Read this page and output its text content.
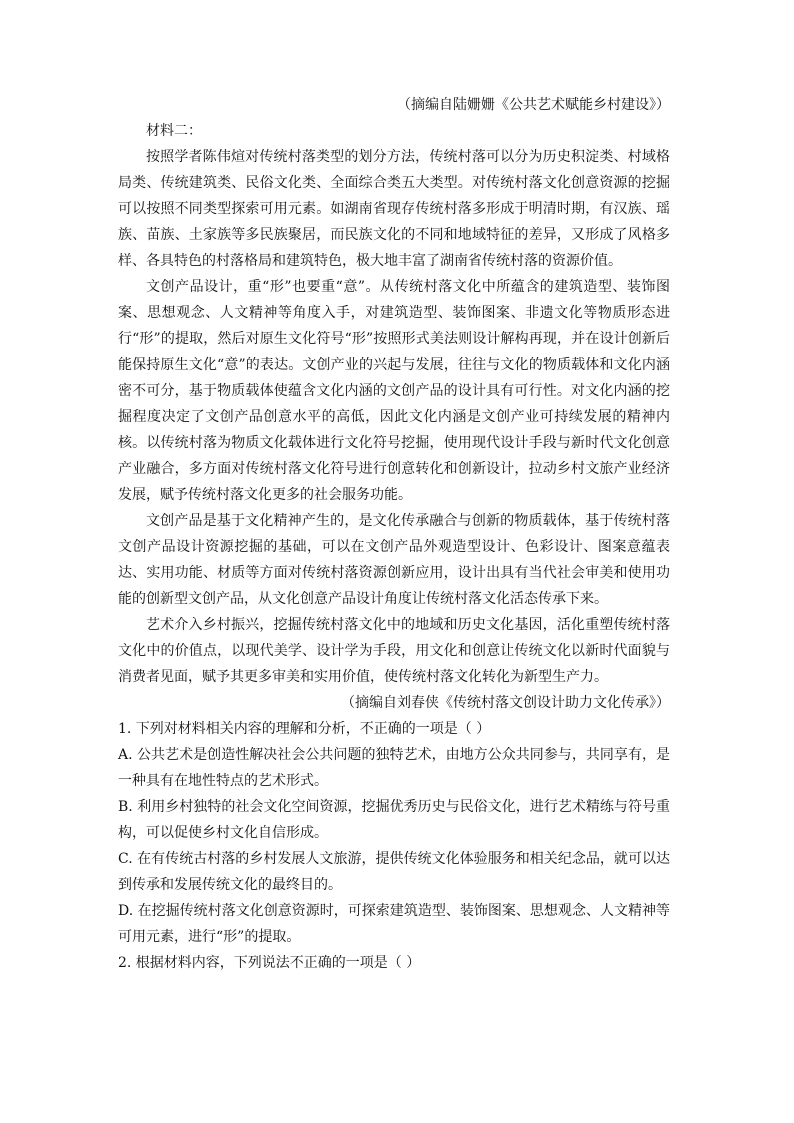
（摘编自陆姗姗《公共艺术赋能乡村建设》）

材料二：

按照学者陈伟煊对传统村落类型的划分方法，传统村落可以分为历史积淀类、村域格局类、传统建筑类、民俗文化类、全面综合类五大类型。对传统村落文化创意资源的挖掘可以按照不同类型探索可用元素。如湖南省现存传统村落多形成于明清时期，有汉族、瑶族、苗族、土家族等多民族聚居，而民族文化的不同和地域特征的差异，又形成了风格多样、各具特色的村落格局和建筑特色，极大地丰富了湖南省传统村落的资源价值。

文创产品设计，重“形”也要重“意”。从传统村落文化中所蕴含的建筑造型、装饰图案、思想观念、人文精神等角度入手，对建筑造型、装饰图案、非遗文化等物质形态进行“形”的提取，然后对原生文化符号“形”按照形式美法则设计解构再现，并在设计创新后能保持原生文化“意”的表达。文创产业的兴起与发展，往往与文化的物质载体和文化内涵密不可分，基于物质载体使蕴含文化内涵的文创产品的设计具有可行性。对文化内涵的挖掘程度决定了文创产品创意水平的高低，因此文化内涵是文创产业可持续发展的精神内核。以传统村落为物质文化载体进行文化符号挖掘，使用现代设计手段与新时代文化创意产业融合，多方面对传统村落文化符号进行创意转化和创新设计，拉动乡村文旅产业经济发展，赋予传统村落文化更多的社会服务功能。

文创产品是基于文化精神产生的，是文化传承融合与创新的物质载体，基于传统村落文创产品设计资源挖掘的基础，可以在文创产品外观造型设计、色彩设计、图案意蕴表达、实用功能、材质等方面对传统村落资源创新应用，设计出具有当代社会审美和使用功能的创新型文创产品，从文化创意产品设计角度让传统村落文化活态传承下来。

艺术介入乡村振兴，挖掘传统村落文化中的地域和历史文化基因，活化重塑传统村落文化中的价值点，以现代美学、设计学为手段，用文化和创意让传统文化以新时代面貌与消费者见面，赋予其更多审美和实用价值，使传统村落文化转化为新型生产力。

（摘编自刘春侠《传统村落文创设计助力文化传承》）

1. 下列对材料相关内容的理解和分析，不正确的一项是（ ）

A. 公共艺术是创造性解决社会公共问题的独特艺术，由地方公众共同参与，共同享有，是一种具有在地性特点的艺术形式。

B. 利用乡村独特的社会文化空间资源，挖掘优秀历史与民俗文化，进行艺术精练与符号重构，可以促使乡村文化自信形成。

C. 在有传统古村落的乡村发展人文旅游，提供传统文化体验服务和相关纪念品，就可以达到传承和发展传统文化的最终目的。

D. 在挖掘传统村落文化创意资源时，可探索建筑造型、装饰图案、思想观念、人文精神等可用元素，进行“形”的提取。

2. 根据材料内容，下列说法不正确的一项是（ ）
